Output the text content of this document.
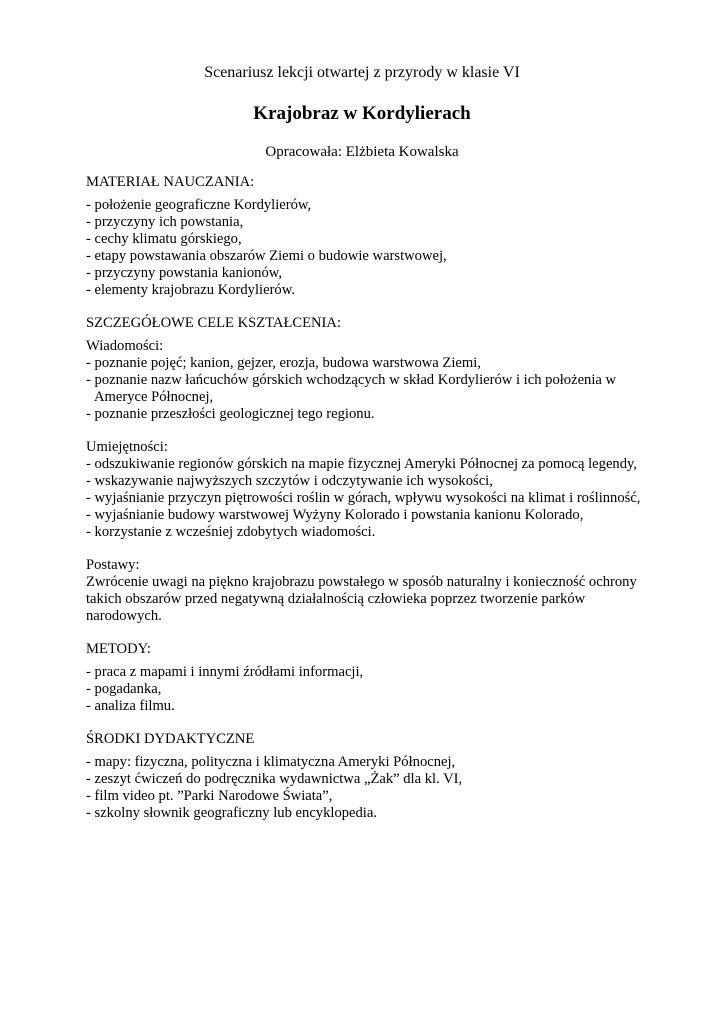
Scenariusz lekcji otwartej z przyrody w klasie VI
Krajobraz w Kordylierach
Opracowała: Elżbieta Kowalska
MATERIAŁ NAUCZANIA:
- położenie geograficzne Kordylierów,
- przyczyny ich powstania,
- cechy klimatu górskiego,
- etapy powstawania obszarów Ziemi o budowie warstwowej,
- przyczyny powstania kanionów,
- elementy krajobrazu Kordylierów.
SZCZEGÓŁOWE CELE KSZTAŁCENIA:
Wiadomości:
- poznanie pojęć; kanion, gejzer, erozja, budowa warstwowa Ziemi,
- poznanie nazw łańcuchów górskich wchodzących w skład Kordylierów i ich położenia w Ameryce Północnej,
- poznanie przeszłości geologicznej tego regionu.
Umiejętności:
- odszukiwanie regionów górskich na mapie fizycznej Ameryki Północnej za pomocą legendy,
- wskazywanie najwyższych szczytów i odczytywanie ich wysokości,
- wyjaśnianie przyczyn piętrowości roślin w górach, wpływu wysokości na klimat i roślinność,
- wyjaśnianie budowy warstwowej Wyżyny Kolorado i powstania kanionu Kolorado,
- korzystanie z wcześniej zdobytych wiadomości.
Postawy:
Zwrócenie uwagi na piękno krajobrazu powstałego w sposób naturalny i konieczność ochrony takich obszarów przed negatywną działalnością człowieka poprzez tworzenie parków narodowych.
METODY:
- praca z mapami i innymi źródłami informacji,
- pogadanka,
- analiza filmu.
ŚRODKI DYDAKTYCZNE
- mapy: fizyczna, polityczna i klimatyczna Ameryki Północnej,
- zeszyt ćwiczeń do podręcznika wydawnictwa „Żak” dla kl. VI,
- film video pt. ”Parki Narodowe Świata”,
- szkolny słownik geograficzny lub encyklopedia.
